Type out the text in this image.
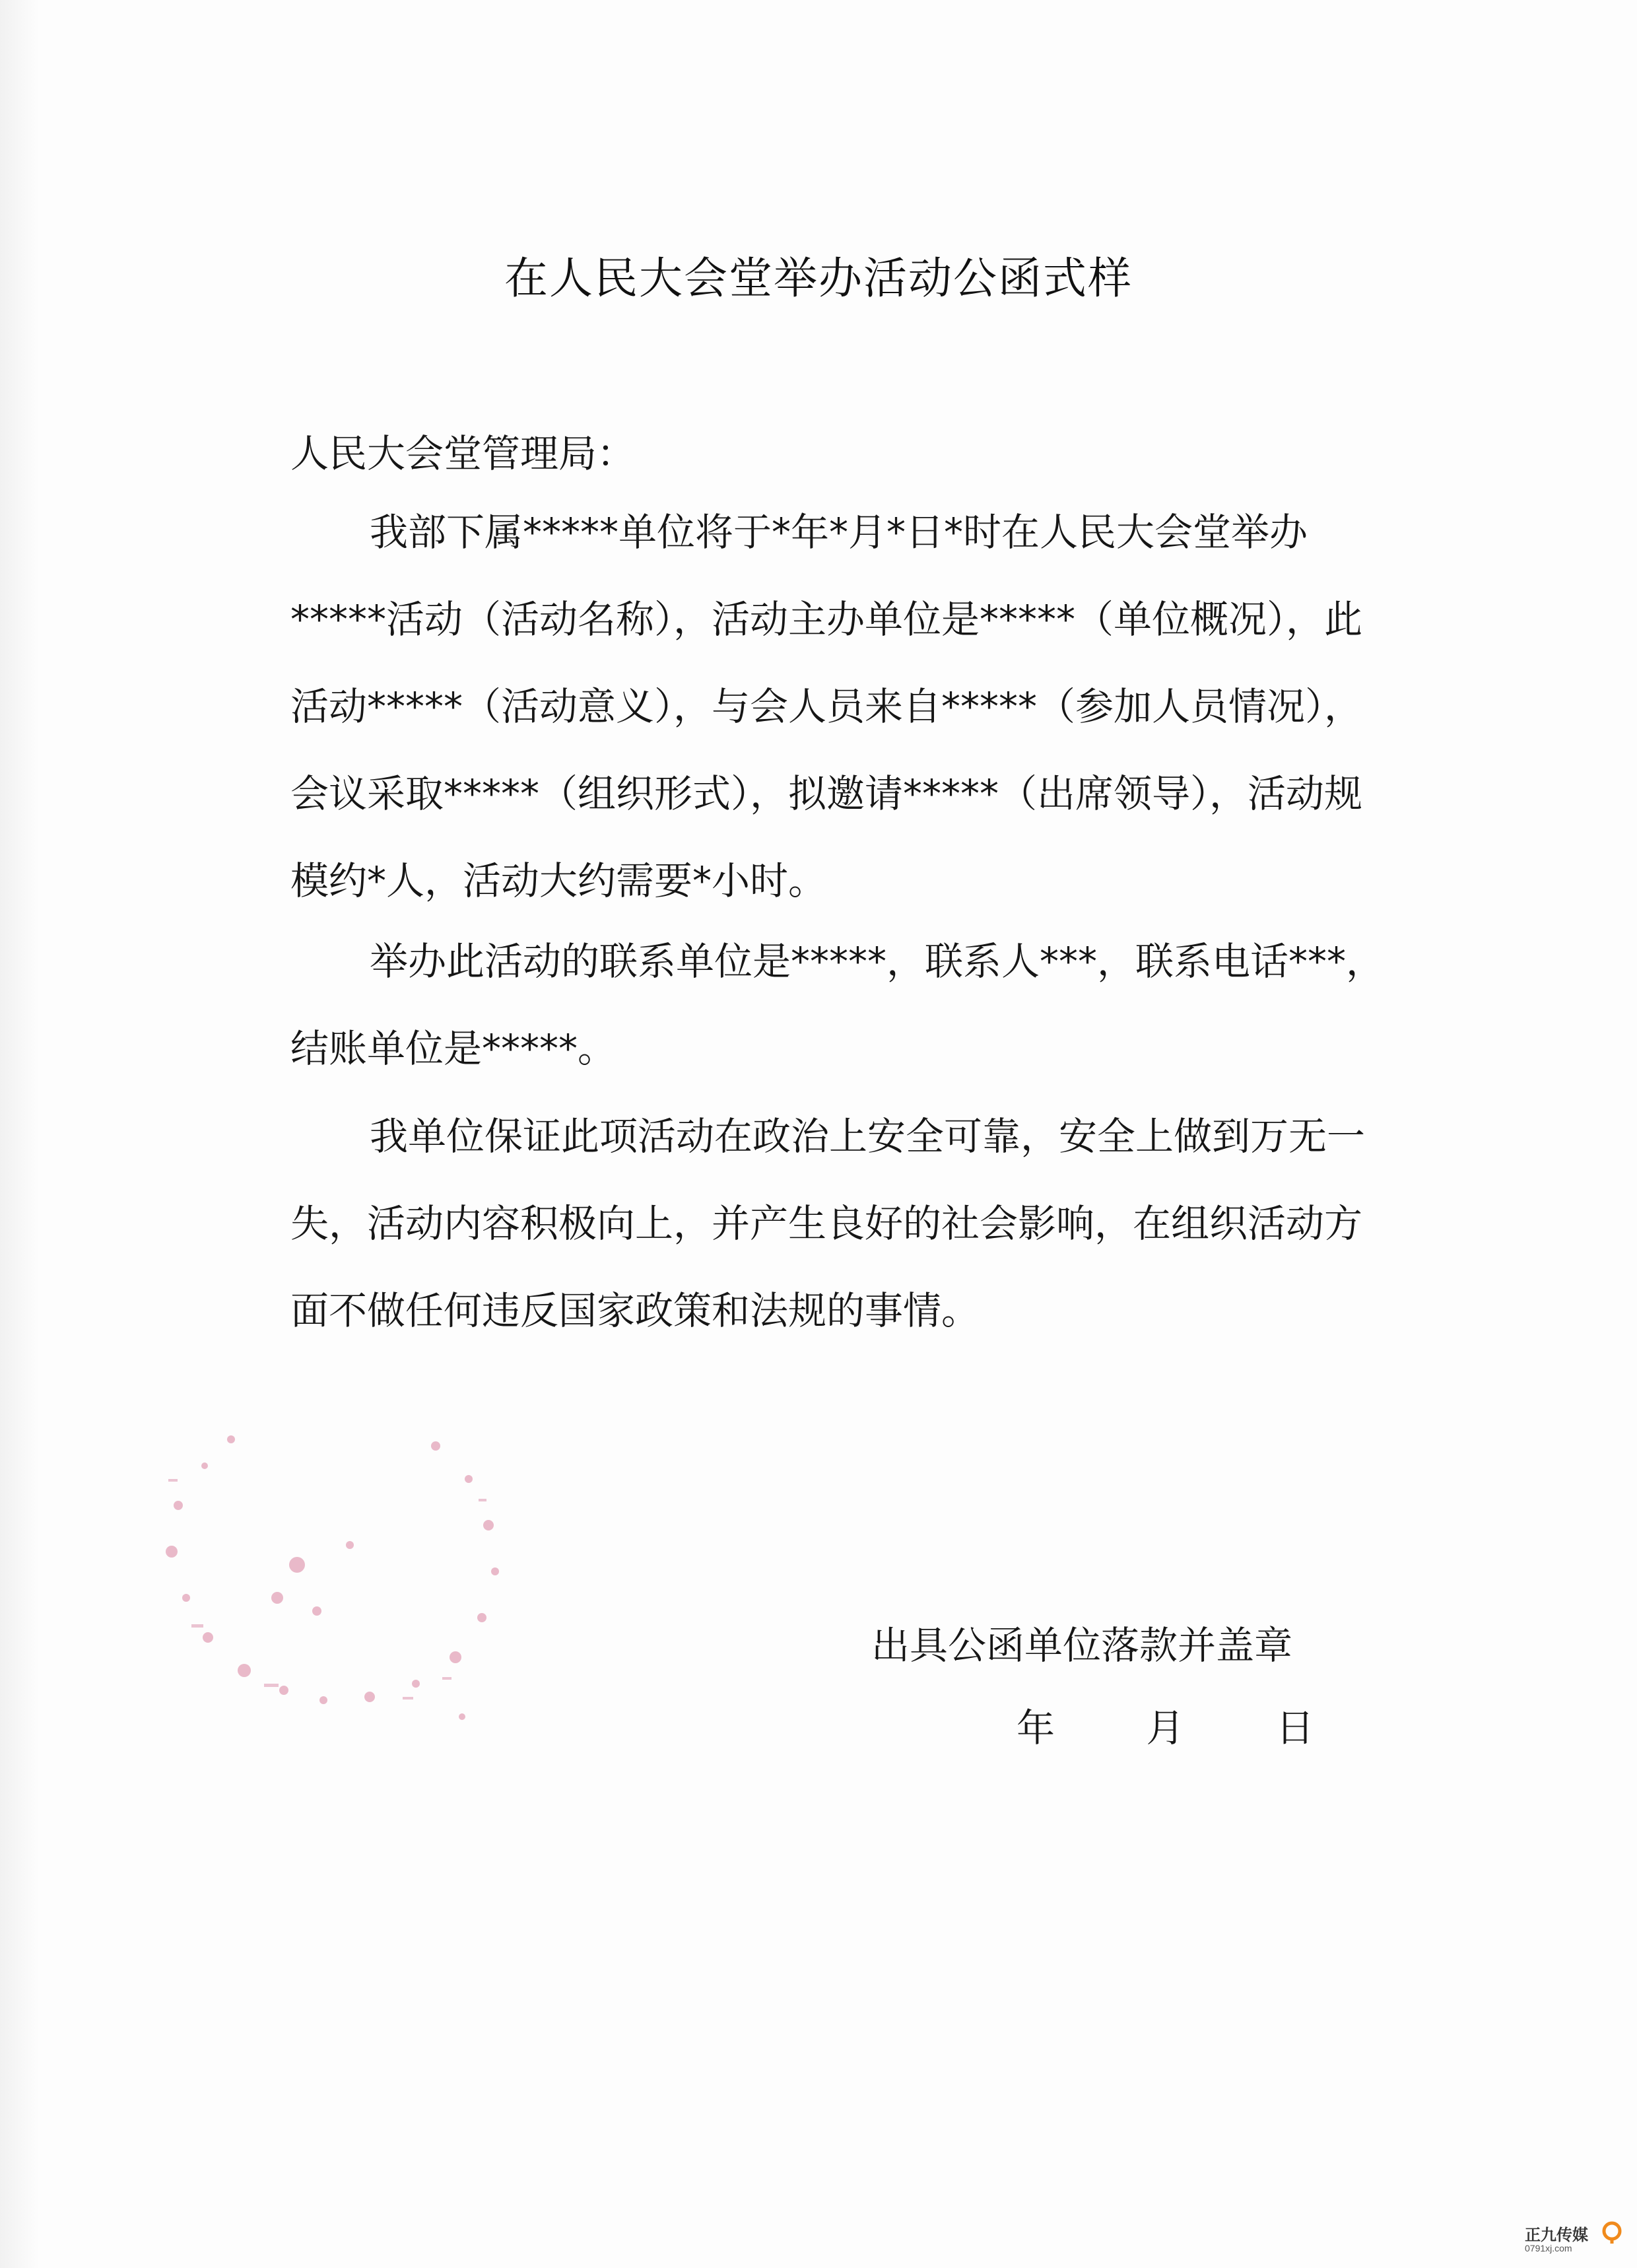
在人民大会堂举办活动公函式样
人民大会堂管理局：
我部下属*****单位将于*年*月*日*时在人民大会堂举办
*****活动（活动名称），活动主办单位是*****（单位概况），此
活动*****（活动意义），与会人员来自*****（参加人员情况），
会议采取*****（组织形式），拟邀请*****（出席领导），活动规
模约*人，活动大约需要*小时。
举办此活动的联系单位是*****，联系人***，联系电话***，
结账单位是*****。
我单位保证此项活动在政治上安全可靠，安全上做到万无一
失，活动内容积极向上，并产生良好的社会影响，在组织活动方
面不做任何违反国家政策和法规的事情。
出具公函单位落款并盖章
年 月 日
正九传媒
0791xj.com
